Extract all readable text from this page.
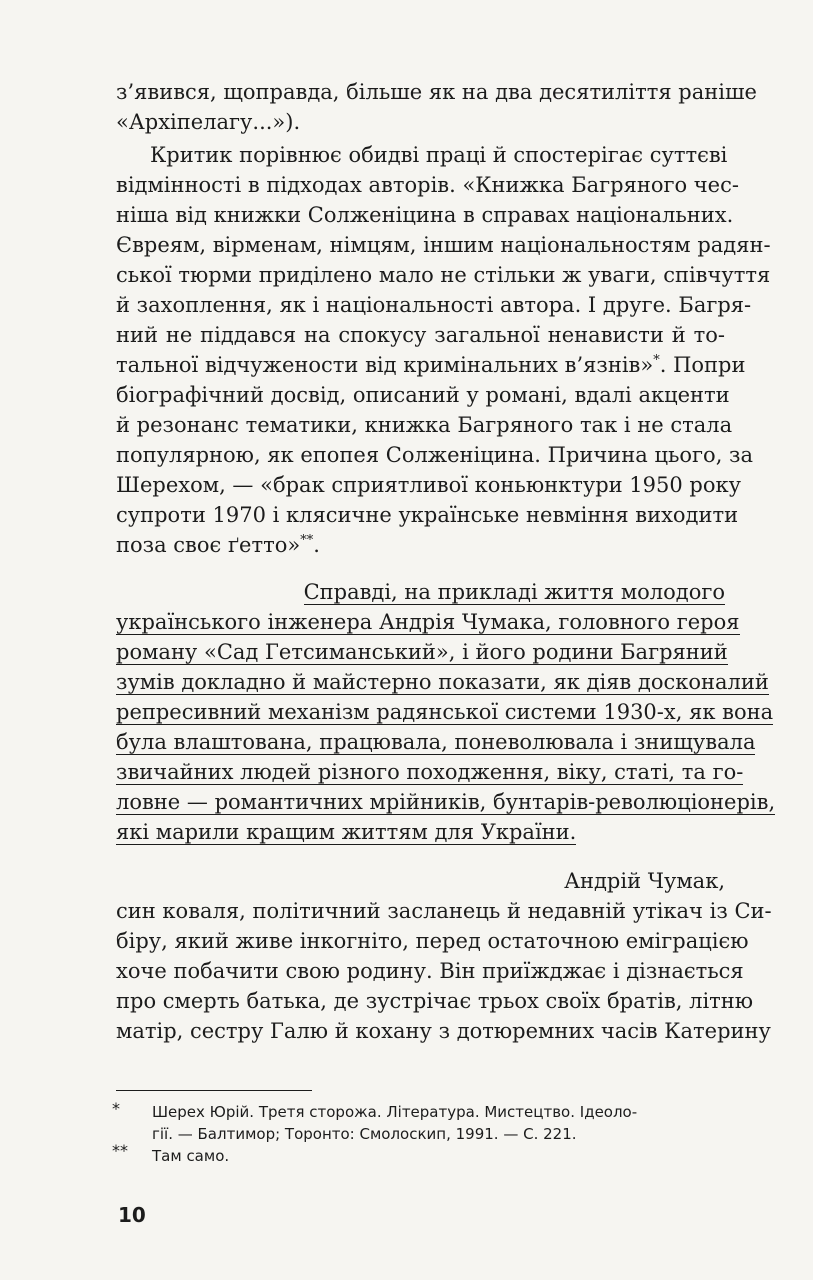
з’явився, щоправда, більше як на два десятиліття раніше
«Архіпелагу...»).
Критик порівнює обидві праці й спостерігає суттєві
відмінності в підходах авторів. «Книжка Багряного чес-
ніша від книжки Солженіцина в справах національних.
Євреям, вірменам, німцям, іншим національностям радян-
ської тюрми приділено мало не стільки ж уваги, співчуття
й захоплення, як і національності автора. І друге. Багря-
ний не піддався на спокусу загальної ненависти й то-
тальної відчужености від кримінальних в’язнів»*. Попри
біографічний досвід, описаний у романі, вдалі акценти
й резонанс тематики, книжка Багряного так і не стала
популярною, як епопея Солженіцина. Причина цього, за
Шерехом, — «брак сприятливої коньюнктури 1950 року
супроти 1970 і клясичне українське невміння виходити
поза своє ґетто»**.
Справді, на прикладі життя молодого
українського інженера Андрія Чумака, головного героя
роману «Сад Гетсиманський», і його родини Багряний
зумів докладно й майстерно показати, як діяв досконалий
репресивний механізм радянської системи 1930-х, як вона
була влаштована, працювала, поневолювала і знищувала
звичайних людей різного походження, віку, статі, та го-
ловне — романтичних мрійників, бунтарів-революціонерів,
які марили кращим життям для України.
Андрій Чумак,
син коваля, політичний засланець й недавній утікач із Си-
біру, який живе інкогніто, перед остаточною еміграцією
хоче побачити свою родину. Він приїжджає і дізнається
про смерть батька, де зустрічає трьох своїх братів, літню
матір, сестру Галю й кохану з дотюремних часів Катерину
* Шерех Юрій. Третя сторожа. Література. Мистецтво. Ідеоло-
гії. — Балтимор; Торонто: Смолоскип, 1991. — С. 221.
** Там само.
10
